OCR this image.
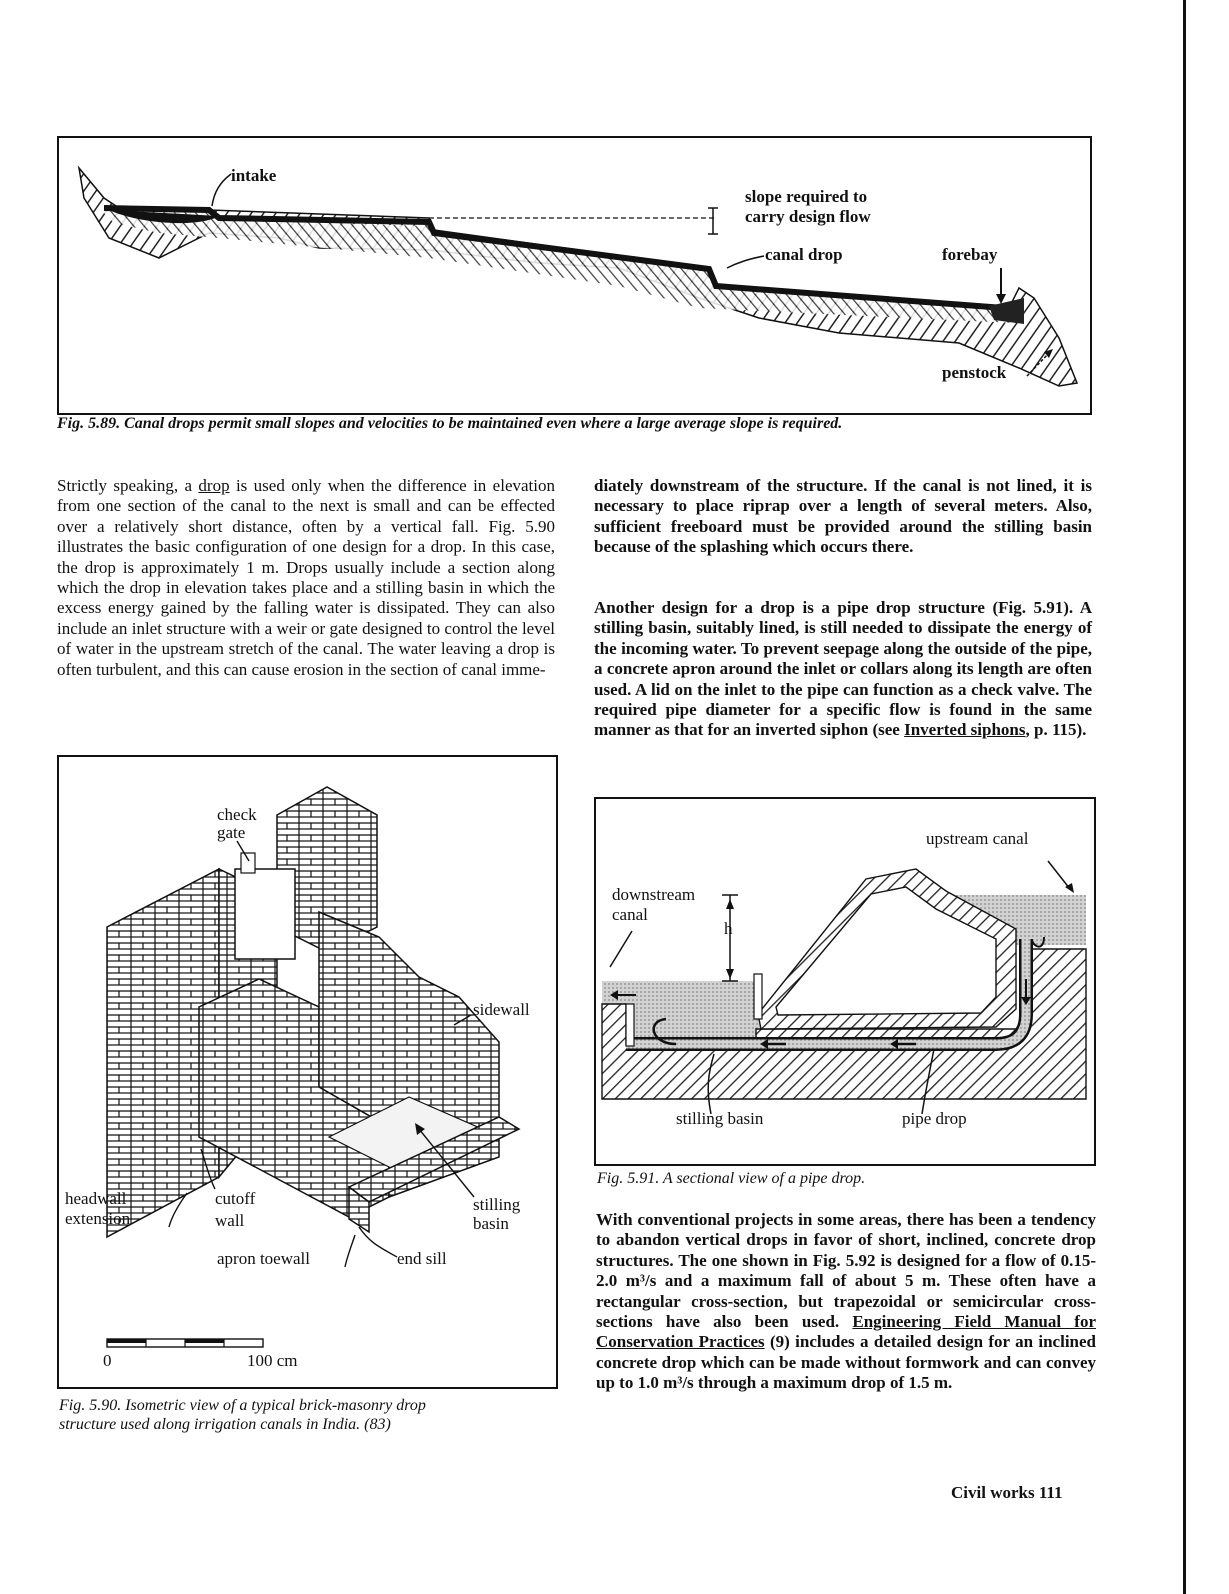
intake
slope required to
carry design flow
canal drop	forebay
penstock
Fig. 5.89. Canal drops permit small slopes and velocities to be maintained even where a large average slope is required.
Strictly speaking, a drop is used only when the difference in elevation from one section of the canal to the next is small and can be effected over a relatively short distance, often by a vertical fall. Fig. 5.90 illustrates the basic configuration of one design for a drop. In this case, the drop is approximately 1 m. Drops usually include a section along which the drop in elevation takes place and a stilling basin in which the excess energy gained by the falling water is dissipated. They can also include an inlet structure with a weir or gate designed to control the level of water in the upstream stretch of the canal. The water leaving a drop is often turbulent, and this can cause erosion in the section of canal imme-
check
gate
sidewall
headwall
extension
cutoff
wall
stilling
basin
apron toewall	end sill
0	100 cm
Fig. 5.90. Isometric view of a typical brick-masonry drop
structure used along irrigation canals in India. (83)
diately downstream of the structure. If the canal is not lined, it is necessary to place riprap over a length of several meters. Also, sufficient freeboard must be provided around the stilling basin because of the splashing which occurs there.
Another design for a drop is a pipe drop structure (Fig. 5.91). A stilling basin, suitably lined, is still needed to dissipate the energy of the incoming water. To prevent seepage along the outside of the pipe, a concrete apron around the inlet or collars along its length are often used. A lid on the inlet to the pipe can function as a check valve. The required pipe diameter for a specific flow is found in the same manner as that for an inverted siphon (see Inverted siphons, p. 115).
upstream canal
downstream
canal
h
stilling basin	pipe drop
Fig. 5.91. A sectional view of a pipe drop.
With conventional projects in some areas, there has been a tendency to abandon vertical drops in favor of short, inclined, concrete drop structures. The one shown in Fig. 5.92 is designed for a flow of 0.15-2.0 m³/s and a maximum fall of about 5 m. These often have a rectangular cross-section, but trapezoidal or semicircular cross-sections have also been used. Engineering Field Manual for Conservation Practices (9) includes a detailed design for an inclined concrete drop which can be made without formwork and can convey up to 1.0 m³/s through a maximum drop of 1.5 m.
Civil works 111
